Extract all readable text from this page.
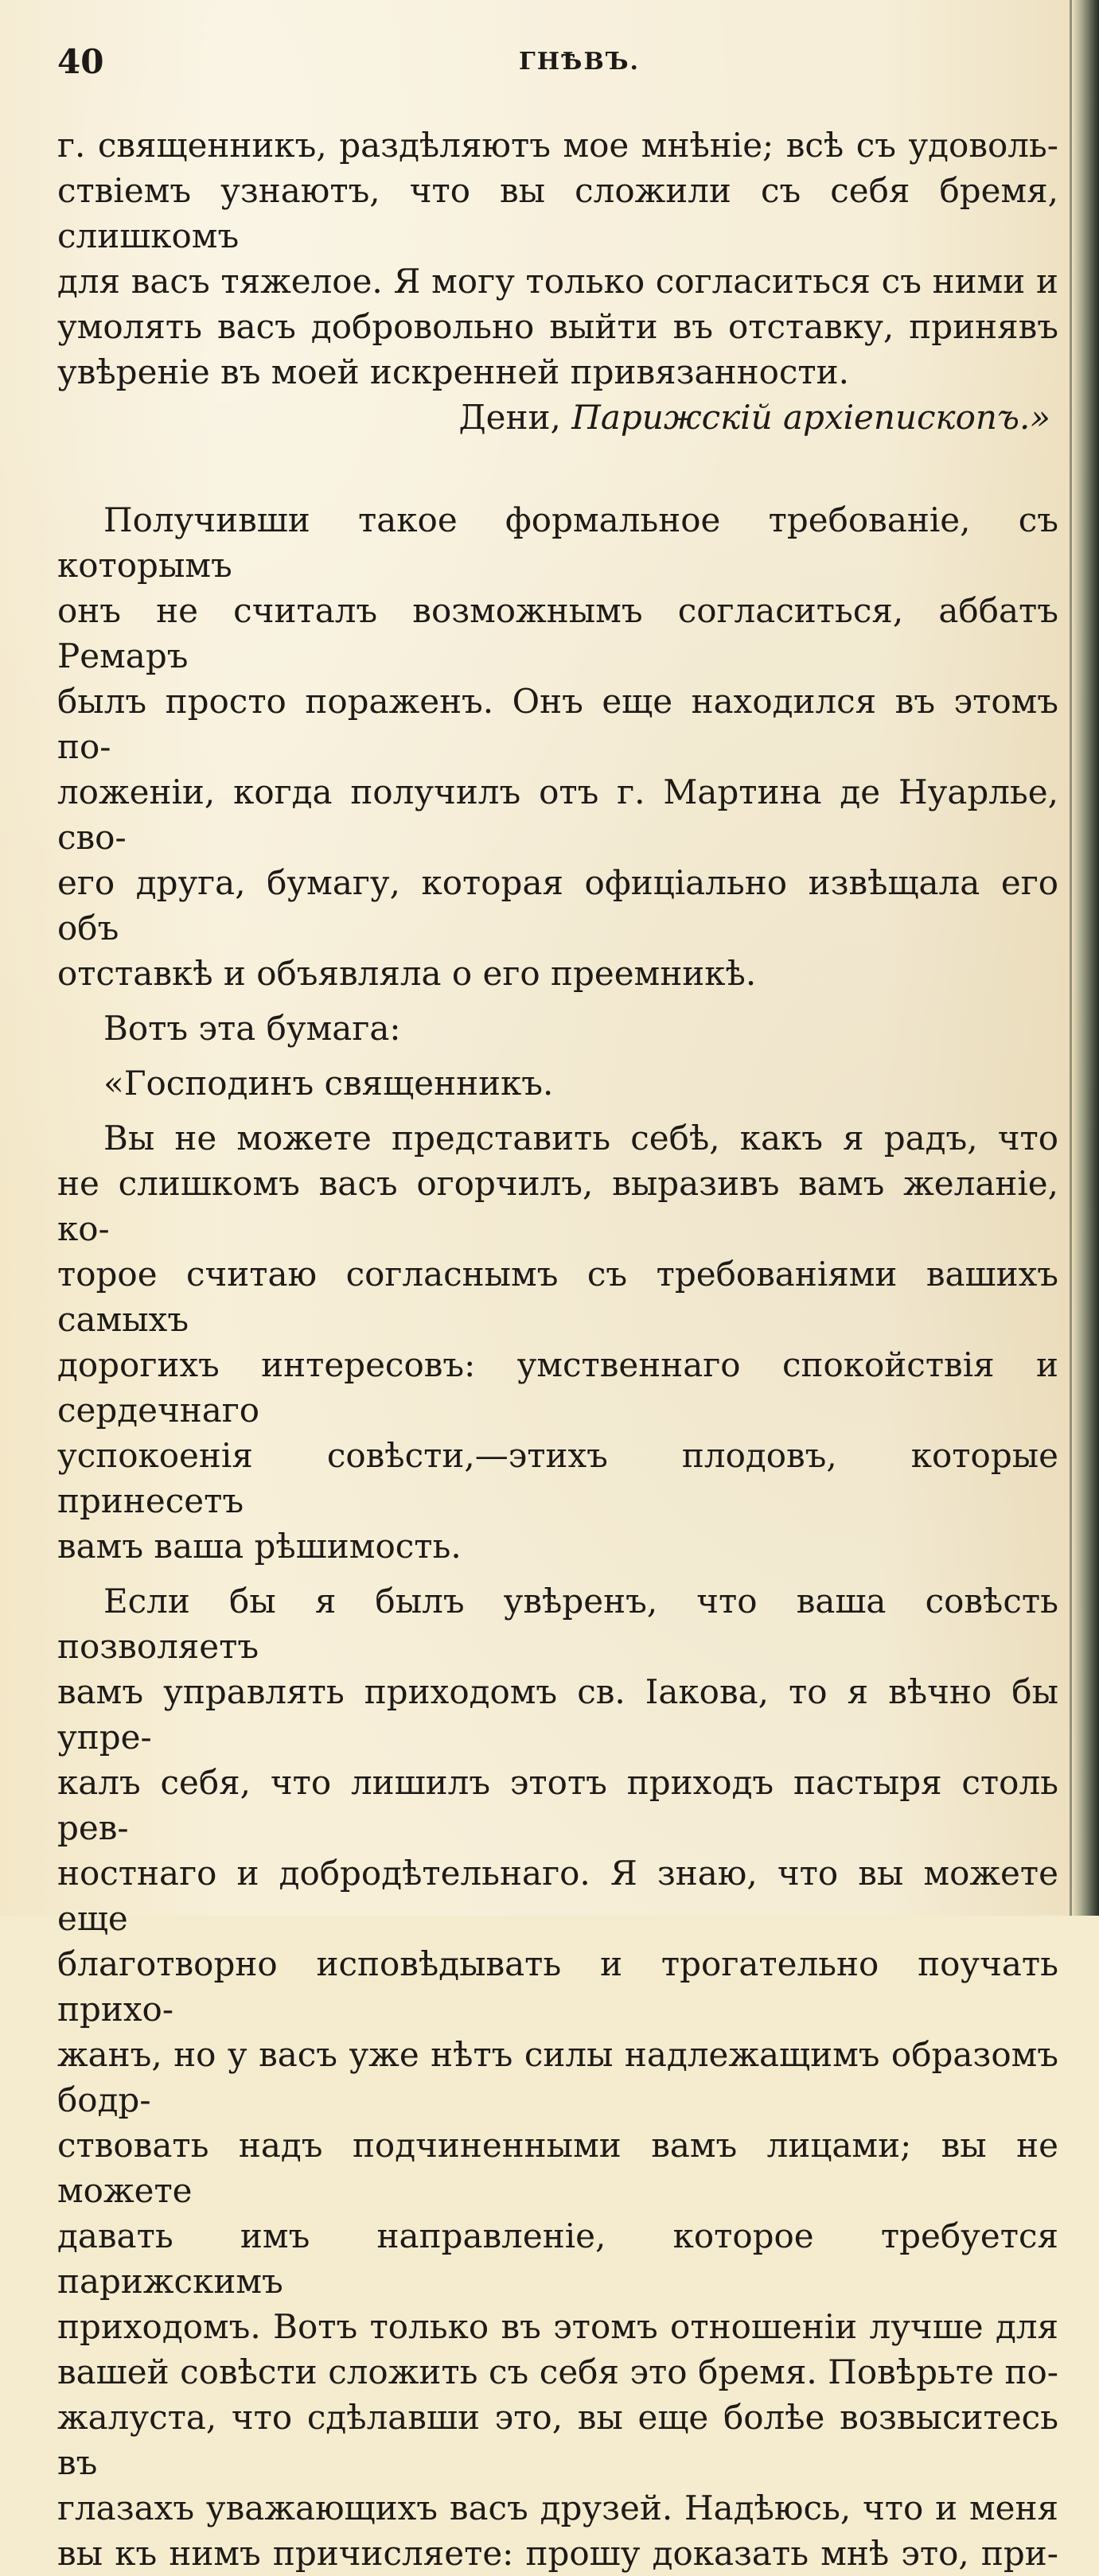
40	ГНѢВЪ.
г. священникъ, раздѣляютъ мое мнѣніе; всѣ съ удоволь-
ствіемъ узнаютъ, что вы сложили съ себя бремя, слишкомъ
для васъ тяжелое. Я могу только согласиться съ ними и
умолять васъ добровольно выйти въ отставку, принявъ
увѣреніе въ моей искренней привязанности.
Дени, Парижскій архіепископъ.»
Получивши такое формальное требованіе, съ которымъ
онъ не считалъ возможнымъ согласиться, аббатъ Ремаръ
былъ просто пораженъ. Онъ еще находился въ этомъ по-
ложеніи, когда получилъ отъ г. Мартина де Нуарлье, сво-
его друга, бумагу, которая офиціально извѣщала его объ
отставкѣ и объявляла о его преемникѣ.
Вотъ эта бумага:
«Господинъ священникъ.
Вы не можете представить себѣ, какъ я радъ, что
не слишкомъ васъ огорчилъ, выразивъ вамъ желаніе, ко-
торое считаю согласнымъ съ требованіями вашихъ самыхъ
дорогихъ интересовъ: умственнаго спокойствія и сердечнаго
успокоенія совѣсти,—этихъ плодовъ, которые принесетъ
вамъ ваша рѣшимость.
Если бы я былъ увѣренъ, что ваша совѣсть позволяетъ
вамъ управлять приходомъ св. Іакова, то я вѣчно бы упре-
калъ себя, что лишилъ этотъ приходъ пастыря столь рев-
ностнаго и добродѣтельнаго. Я знаю, что вы можете еще
благотворно исповѣдывать и трогательно поучать прихо-
жанъ, но у васъ уже нѣтъ силы надлежащимъ образомъ бодр-
ствовать надъ подчиненными вамъ лицами; вы не можете
давать имъ направленіе, которое требуется парижскимъ
приходомъ. Вотъ только въ этомъ отношеніи лучше для
вашей совѣсти сложить съ себя это бремя. Повѣрьте по-
жалуста, что сдѣлавши это, вы еще болѣе возвыситесь въ
глазахъ уважающихъ васъ друзей. Надѣюсь, что и меня
вы къ нимъ причисляете: прошу доказать мнѣ это, при-
